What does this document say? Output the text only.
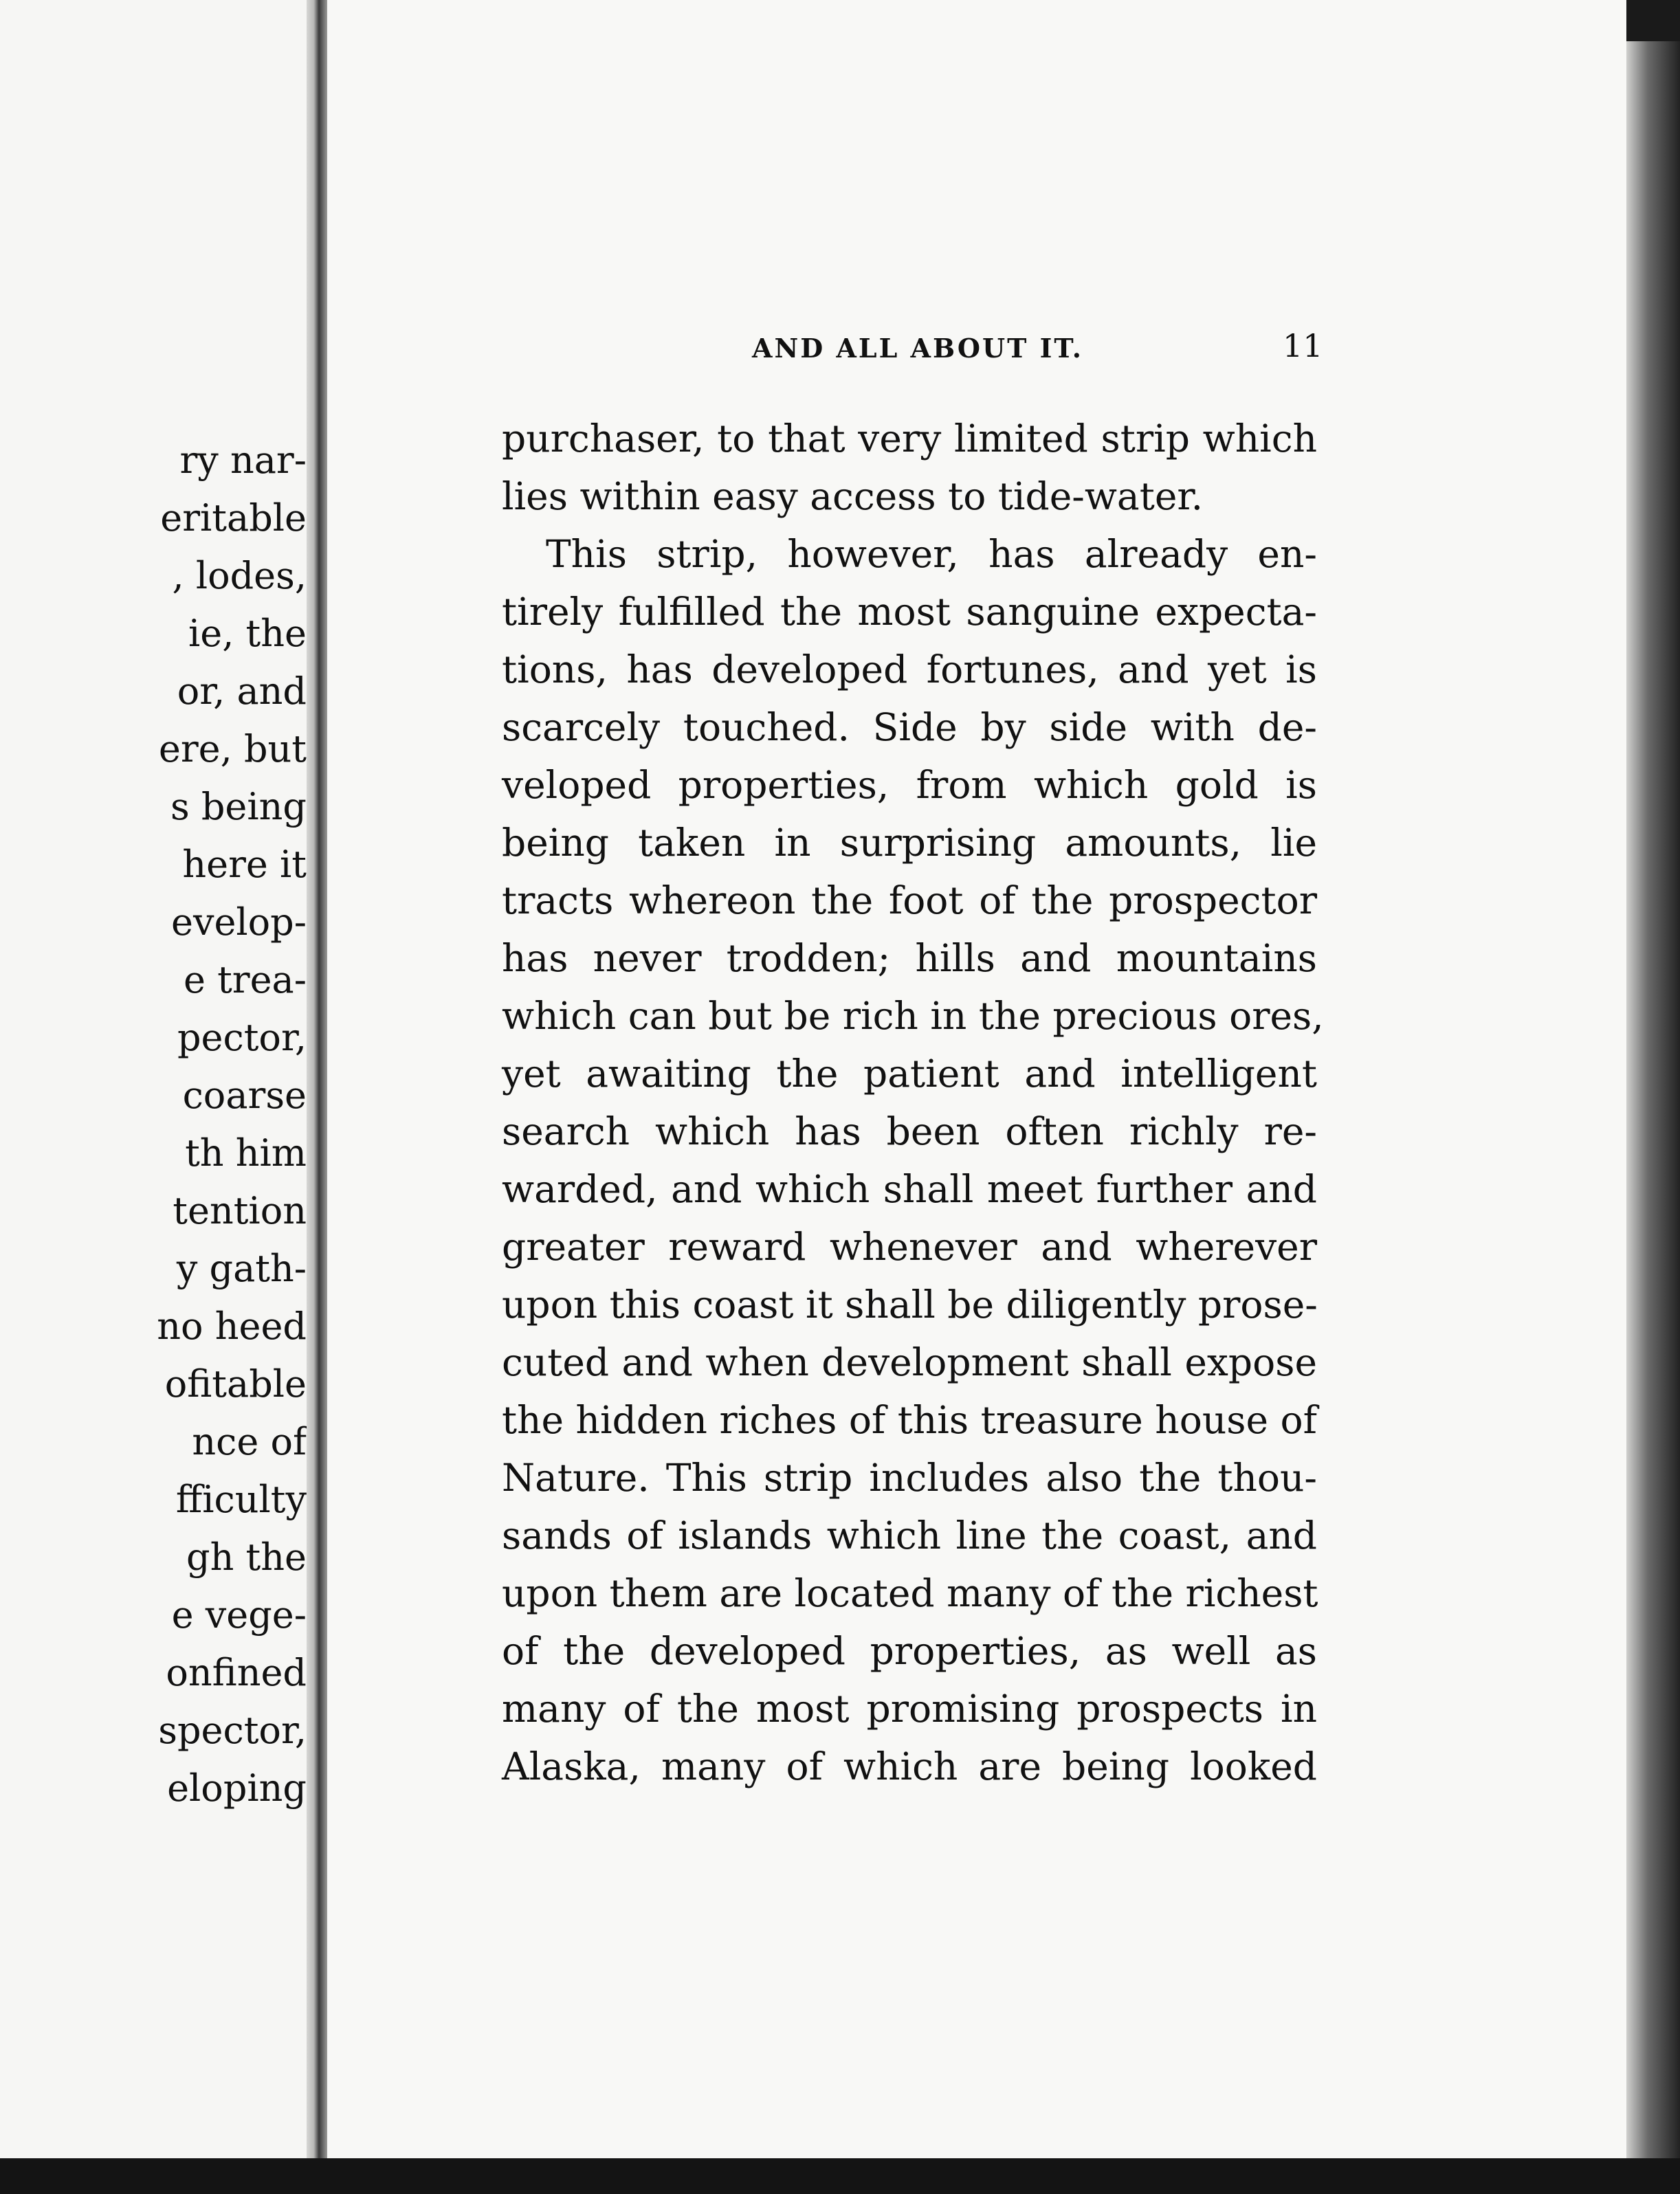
ry nar-
eritable
, lodes,
ie, the
or, and
ere, but
s being
here it
evelop-
e trea-
pector,
coarse
th him
tention
y gath-
no heed
ofitable
nce of
fficulty
gh the
e vege-
onfined
spector,
eloping
AND ALL ABOUT IT.	11
purchaser, to that very limited strip which
lies within easy access to tide-water.
This strip, however, has already en-
tirely fulfilled the most sanguine expecta-
tions, has developed fortunes, and yet is
scarcely touched. Side by side with de-
veloped properties, from which gold is
being taken in surprising amounts, lie
tracts whereon the foot of the prospector
has never trodden; hills and mountains
which can but be rich in the precious ores,
yet awaiting the patient and intelligent
search which has been often richly re-
warded, and which shall meet further and
greater reward whenever and wherever
upon this coast it shall be diligently prose-
cuted and when development shall expose
the hidden riches of this treasure house of
Nature. This strip includes also the thou-
sands of islands which line the coast, and
upon them are located many of the richest
of the developed properties, as well as
many of the most promising prospects in
Alaska, many of which are being looked
